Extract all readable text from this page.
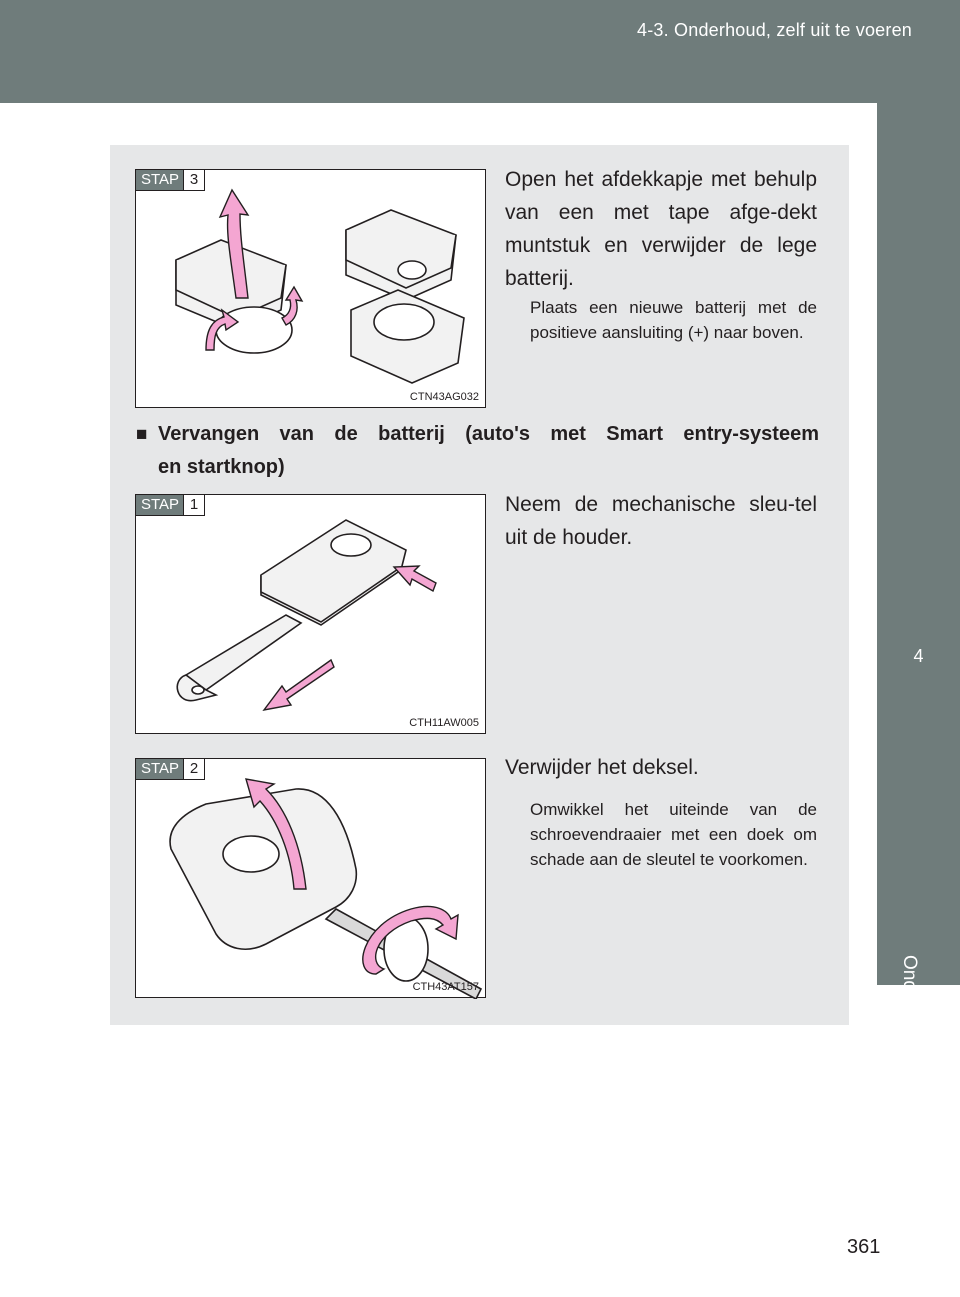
4-3. Onderhoud, zelf uit te voeren
4
Onderhoud en verzorging
STAP 3
CTN43AG032

Open het afdekkapje met behulp van een met tape afge-dekt muntstuk en verwijder de lege batterij.

Plaats een nieuwe batterij met de positieve aansluiting (+) naar boven.

■ Vervangen van de batterij (auto's met Smart entry-systeem
en startknop)
STAP 1
CTH11AW005

Neem de mechanische sleu-tel uit de houder.

STAP 2
CTH43AT157

Verwijder het deksel.

Omwikkel het uiteinde van de schroevendraaier met een doek om schade aan de sleutel te voorkomen.

361
